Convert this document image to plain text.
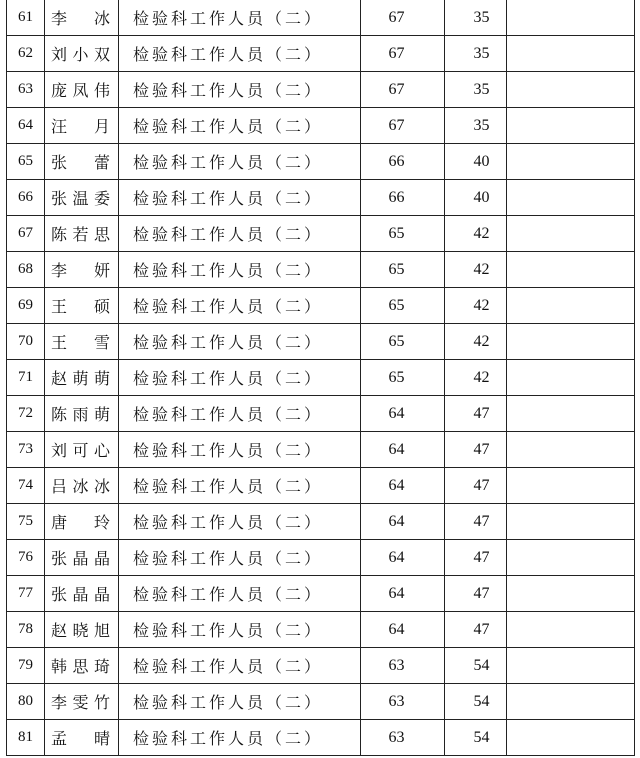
61	李　冰	检验科工作人员（二）	67	35	
62	刘小双	检验科工作人员（二）	67	35	
63	庞凤伟	检验科工作人员（二）	67	35	
64	汪　月	检验科工作人员（二）	67	35	
65	张　蕾	检验科工作人员（二）	66	40	
66	张温委	检验科工作人员（二）	66	40	
67	陈若思	检验科工作人员（二）	65	42	
68	李　妍	检验科工作人员（二）	65	42	
69	王　硕	检验科工作人员（二）	65	42	
70	王　雪	检验科工作人员（二）	65	42	
71	赵萌萌	检验科工作人员（二）	65	42	
72	陈雨萌	检验科工作人员（二）	64	47	
73	刘可心	检验科工作人员（二）	64	47	
74	吕冰冰	检验科工作人员（二）	64	47	
75	唐　玲	检验科工作人员（二）	64	47	
76	张晶晶	检验科工作人员（二）	64	47	
77	张晶晶	检验科工作人员（二）	64	47	
78	赵晓旭	检验科工作人员（二）	64	47	
79	韩思琦	检验科工作人员（二）	63	54	
80	李雯竹	检验科工作人员（二）	63	54	
81	孟　晴	检验科工作人员（二）	63	54	
